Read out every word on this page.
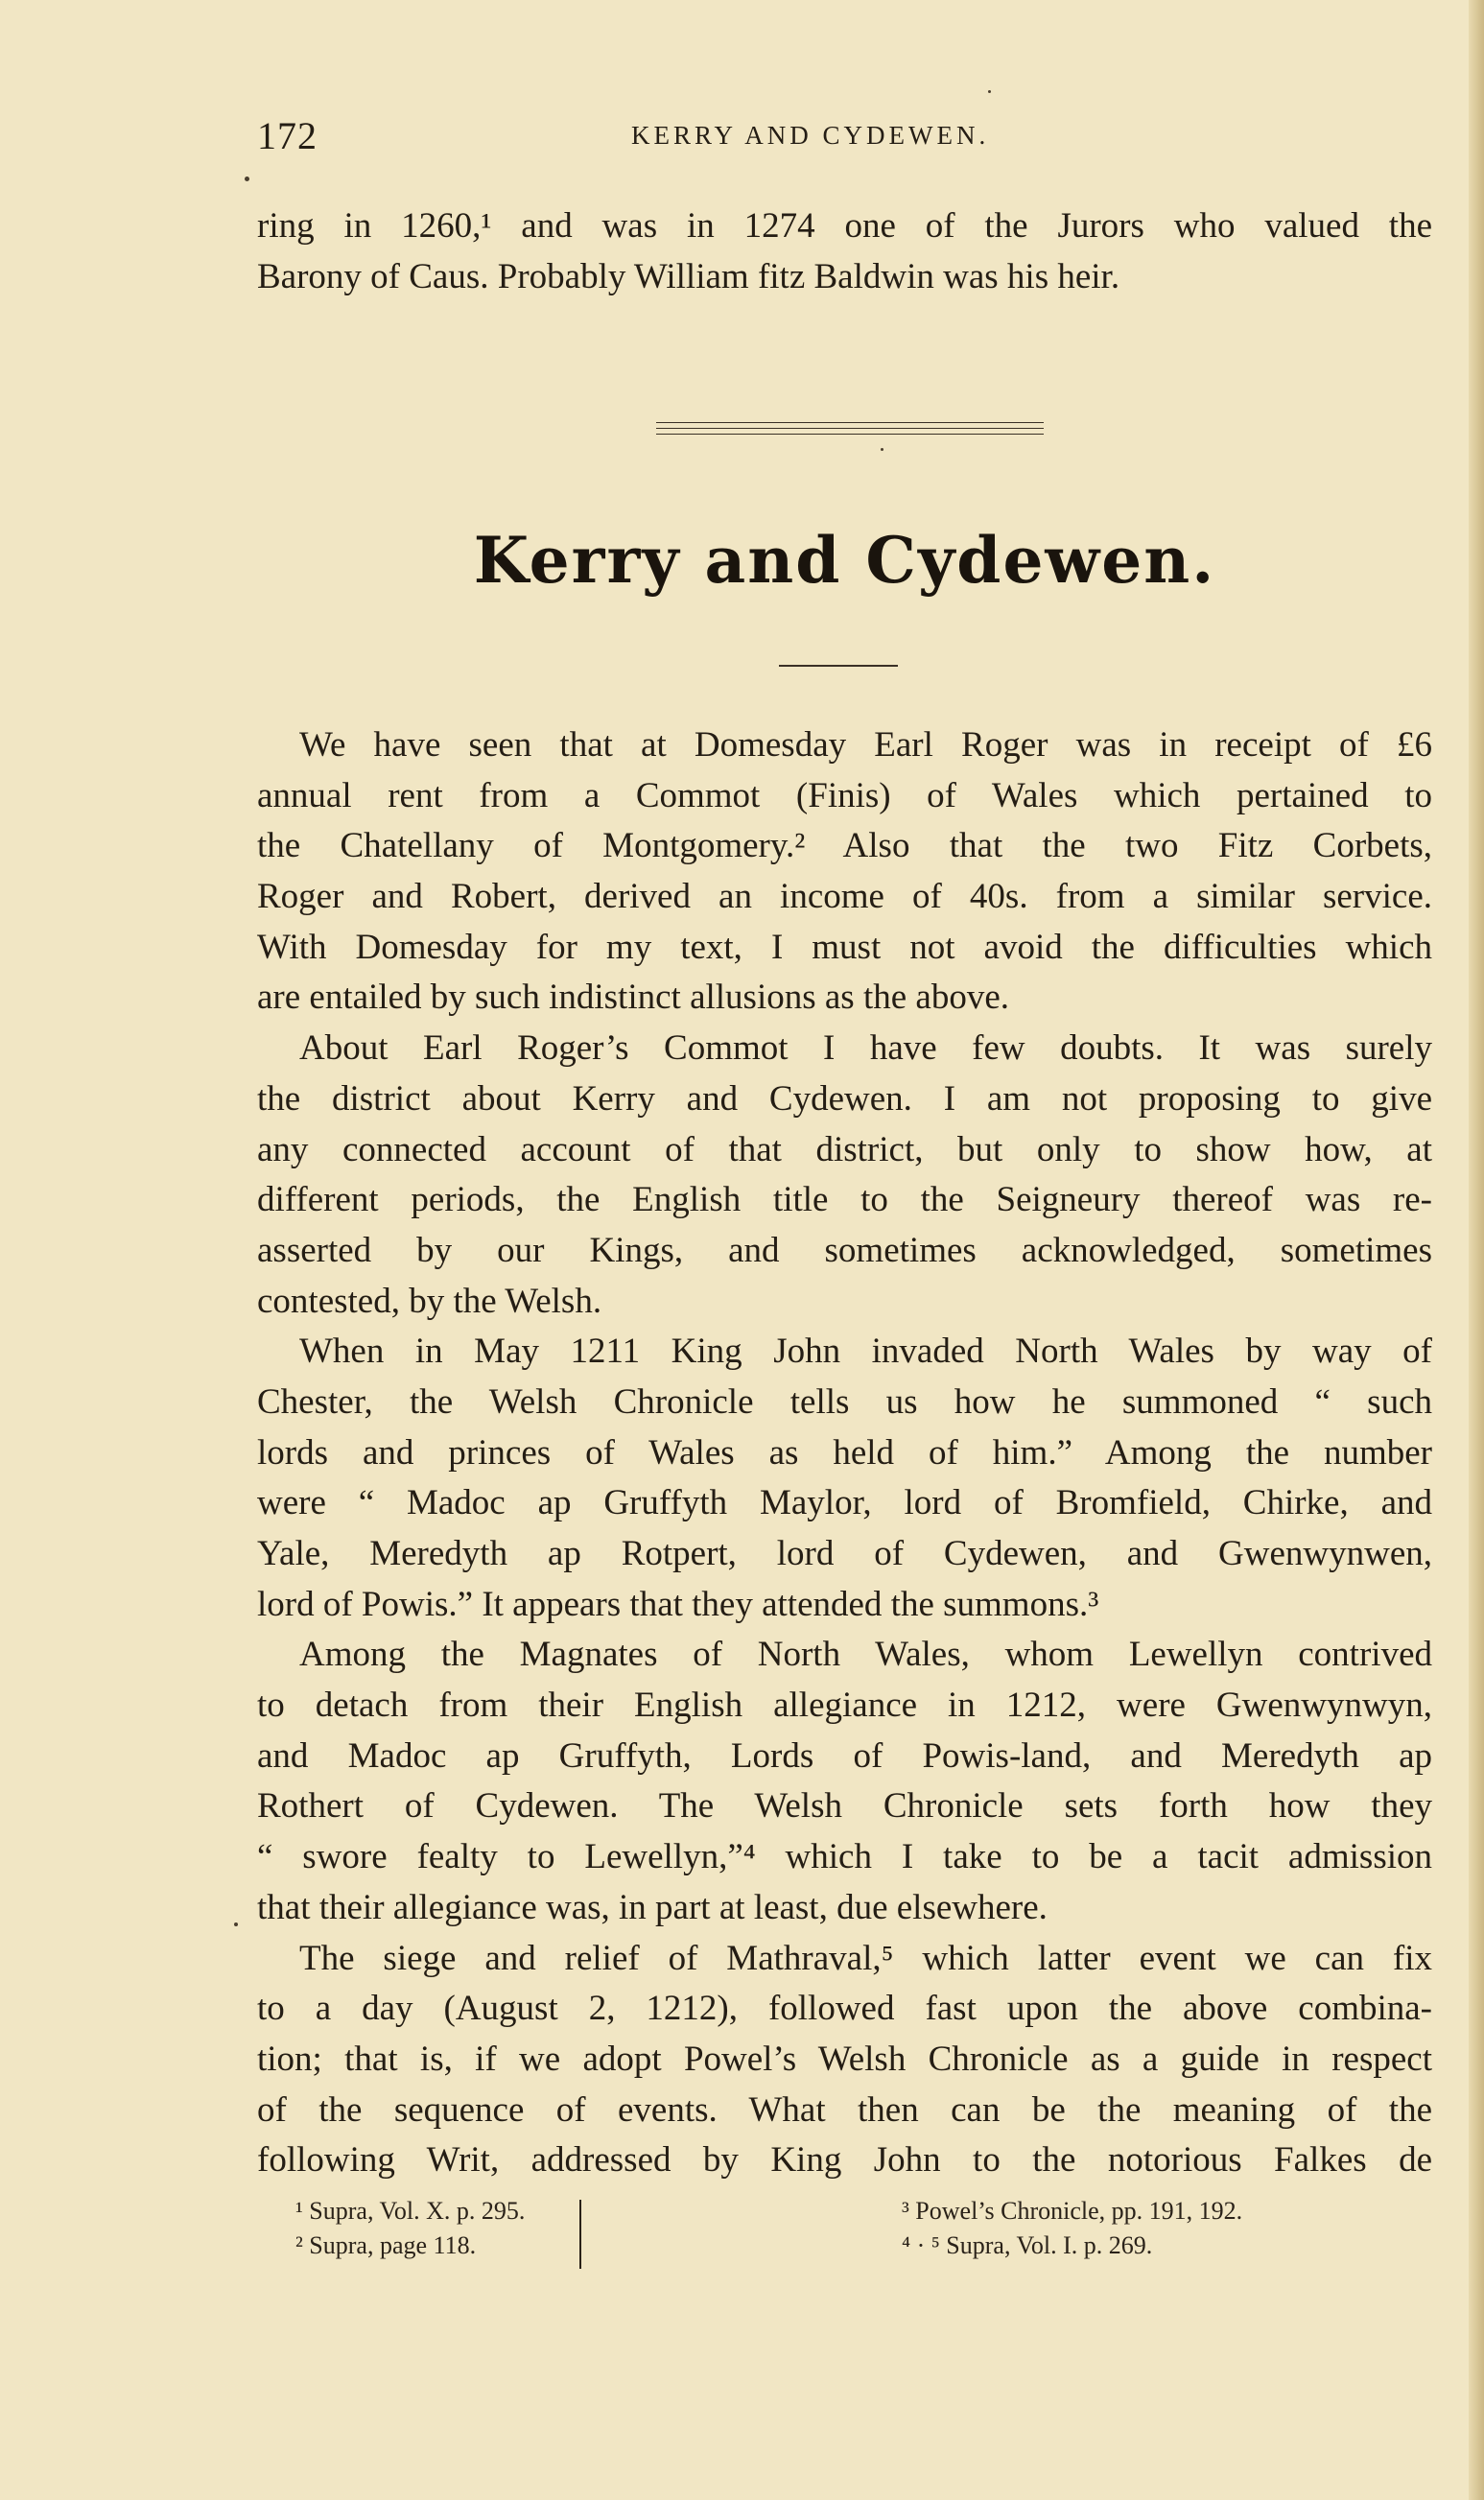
172	KERRY AND CYDEWEN.
ring in 1260,¹ and was in 1274 one of the Jurors who valued the
Barony of Caus. Probably William fitz Baldwin was his heir.
Kerry and Cydewen.
We have seen that at Domesday Earl Roger was in receipt of £6
annual rent from a Commot (Finis) of Wales which pertained to
the Chatellany of Montgomery.² Also that the two Fitz Corbets,
Roger and Robert, derived an income of 40s. from a similar service.
With Domesday for my text, I must not avoid the difficulties which
are entailed by such indistinct allusions as the above.
About Earl Roger’s Commot I have few doubts. It was surely
the district about Kerry and Cydewen. I am not proposing to give
any connected account of that district, but only to show how, at
different periods, the English title to the Seigneury thereof was re-
asserted by our Kings, and sometimes acknowledged, sometimes
contested, by the Welsh.
When in May 1211 King John invaded North Wales by way of
Chester, the Welsh Chronicle tells us how he summoned “ such
lords and princes of Wales as held of him.” Among the number
were “ Madoc ap Gruffyth Maylor, lord of Bromfield, Chirke, and
Yale, Meredyth ap Rotpert, lord of Cydewen, and Gwenwynwen,
lord of Powis.” It appears that they attended the summons.³
Among the Magnates of North Wales, whom Lewellyn contrived
to detach from their English allegiance in 1212, were Gwenwynwyn,
and Madoc ap Gruffyth, Lords of Powis-land, and Meredyth ap
Rothert of Cydewen. The Welsh Chronicle sets forth how they
“ swore fealty to Lewellyn,”⁴ which I take to be a tacit admission
that their allegiance was, in part at least, due elsewhere.
The siege and relief of Mathraval,⁵ which latter event we can fix
to a day (August 2, 1212), followed fast upon the above combina-
tion; that is, if we adopt Powel’s Welsh Chronicle as a guide in respect
of the sequence of events. What then can be the meaning of the
following Writ, addressed by King John to the notorious Falkes de
¹ Supra, Vol. X. p. 295.
² Supra, page 118.
³ Powel’s Chronicle, pp. 191, 192.
⁴ · ⁵ Supra, Vol. I. p. 269.
